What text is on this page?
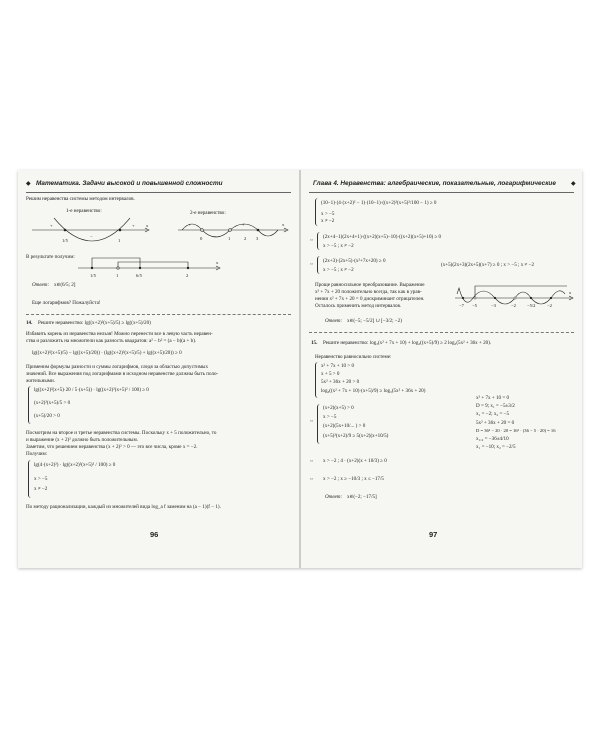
◆ Математика. Задачи высокой и повышенной сложности
Решим неравенства системы методом интервалов.
1-е неравенство:	2-е неравенство:
+
−
+
1/5	1
x
0	1	2 3
+
−
+	x
В результате получим:
1/5	1	6/5	2
x
Ответ: x∈(6/5; 2]
Еще логарифмов? Пожалуйста!
14. Решите неравенство: lg((x+2)²(x+5)/5) ≥ lg((x+5)/20)
Избавить корень из неравенства нельзя! Можно перенести все в левую часть неравен-
ства и разложить на множители как разность квадратов: a² − b² = (a − b)(a + b).
lg((x+2)²(x+5)/5) − lg((x+5)/20)) · (lg((x+2)²(x+5)/5) + lg((x+5)/20)) ≥ 0
Применим формулы разности и суммы логарифмов, следя за областью допустимых
значений. Все выражения под логарифмами в исходном неравенстве должны быть поло-
жительными.
lg((x+2)²(x+5)·20 / 5·(x+5)) · lg((x+2)²(x+5)² / 100) ≥ 0
(x+2)²(x+5)/5 > 0
(x+5)/20 > 0
Посмотрим на второе и третье неравенства системы. Поскольку x + 5 положительно, то
и выражение (x + 2)² должно быть положительным.
Заметим, что решением неравенства (x + 2)² > 0 — это все числа, кроме x = −2.
Получим:
lg(4·(x+2)²) · lg((x+2)²(x+5)² / 100) ≥ 0
x > −5
x ≠ −2
По методу рационализации, каждый из множителей вида log_a f заменим на (a − 1)(f − 1).
96
Глава 4. Неравенства: алгебраические, показательные, логарифмические	◆
(10−1)·(4·(x+2)² − 1)·(10−1)·((x+2)²(x+5)²/100 − 1) ≥ 0
x > −5
x ≠ −2
⇔ (2x+4−1)(2x+4+1)·((x+2)(x+5)−10)·((x+2)(x+5)+10) ≥ 0
x > −5 ; x ≠ −2
⇔ (2x+3)·(2x+5)·(x²+7x+20) ≥ 0
x > −5 ; x ≠ −2
(x+5)(2x+3)(2x+5)(x+7) ≥ 0 ; x > −5 ; x ≠ −2
Проще равносильное преобразование. Выражение
x² + 7x + 20 положительно всегда, так как в урав-
нении x² + 7x + 20 = 0 дискриминант отрицателен.
Осталось применить метод интервалов.	−7 −5	−3	−2 −5/2	−2
x
Ответ: x∈(−5; −5/2] ∪ [−3/2; −2)
15. Решите неравенство: log₃(x² + 7x + 10) + log₃((x+5)/9) ≥ 2 log₃(5x² + 36x + 20).
Неравенство равносильно системе:
x² + 7x + 10 > 0
x + 5 > 0
5x² + 36x + 20 > 0
log₃((x² + 7x + 10)·(x+5)/9) ≥ log₃(5x² + 36x + 20)
⇔
(x+2)(x+5) > 0
x > −5
(x+2)(5x+10/... ) > 0
(x+5)²(x+2)/9 ≥ 5(x+2)(x+10/5)
x² + 7x + 10 = 0
D = 9; x₁ = −5±3/2
x₁ = −2; x₂ = −5
5x² + 36x + 20 = 0
D = 36² − 20 · 20 = 16² · (36 − 5 · 20) = 16
x₁,₂ = −36±4/10
x₁ = −10; x₂ = −2/5
⇔ x > −2 ; 4 · (x+2)(x + 10/3) ≥ 0
⇔ x > −2 ; x ≥ −10/3 ; x ≤ −17/5
Ответ: x∈(−2; −17/5]
97
